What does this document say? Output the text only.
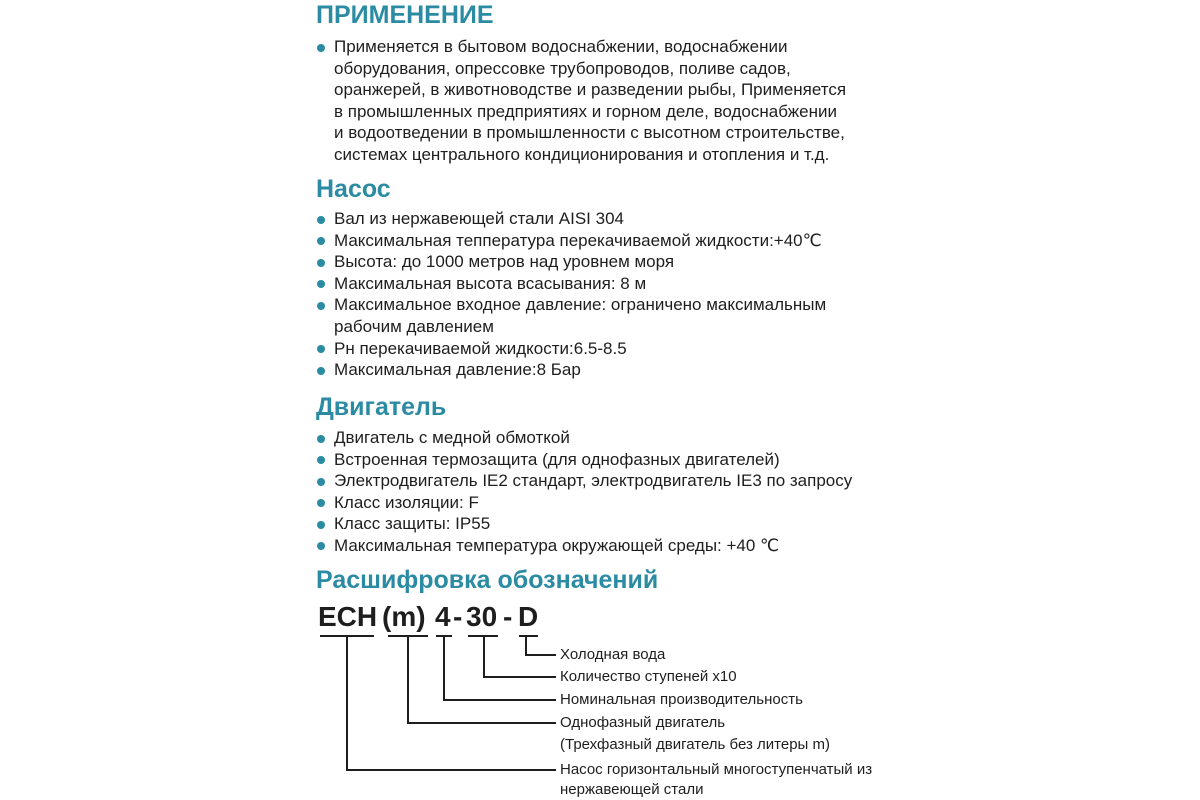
ПРИМЕНЕНИЕ
Применяется в бытовом водоснабжении, водоснабжении
оборудования, опрессовке трубопроводов, поливе садов,
оранжерей, в животноводстве и разведении рыбы, Применяется
в промышленных предприятиях и горном деле, водоснабжении
и водоотведении в промышленности с высотном строительстве,
системах центрального кондиционирования и отопления и т.д.
Насос
Вал из нержавеющей стали AISI 304
Максимальная теппература перекачиваемой жидкости:+40℃
Высота: до 1000 метров над уровнем моря
Максимальная высота всасывания: 8 м
Максимальное входное давление: ограничено максимальным
рабочим давлением
Рн перекачиваемой жидкости:6.5-8.5
Максимальная давление:8 Бар
Двигатель
Двигатель с медной обмоткой
Встроенная термозащита (для однофазных двигателей)
Электродвигатель IE2 стандарт, электродвигатель IE3 по запросу
Класс изоляции: F
Класс защиты: IP55
Максимальная температура окружающей среды: +40 ℃
Расшифровка обозначений
ECH (m) 4 - 30 - D
Холодная вода
Количество ступеней x10
Номинальная производительность
Однофазный двигатель
(Трехфазный двигатель без литеры m)
Насос горизонтальный многоступенчатый из
нержавеющей стали
